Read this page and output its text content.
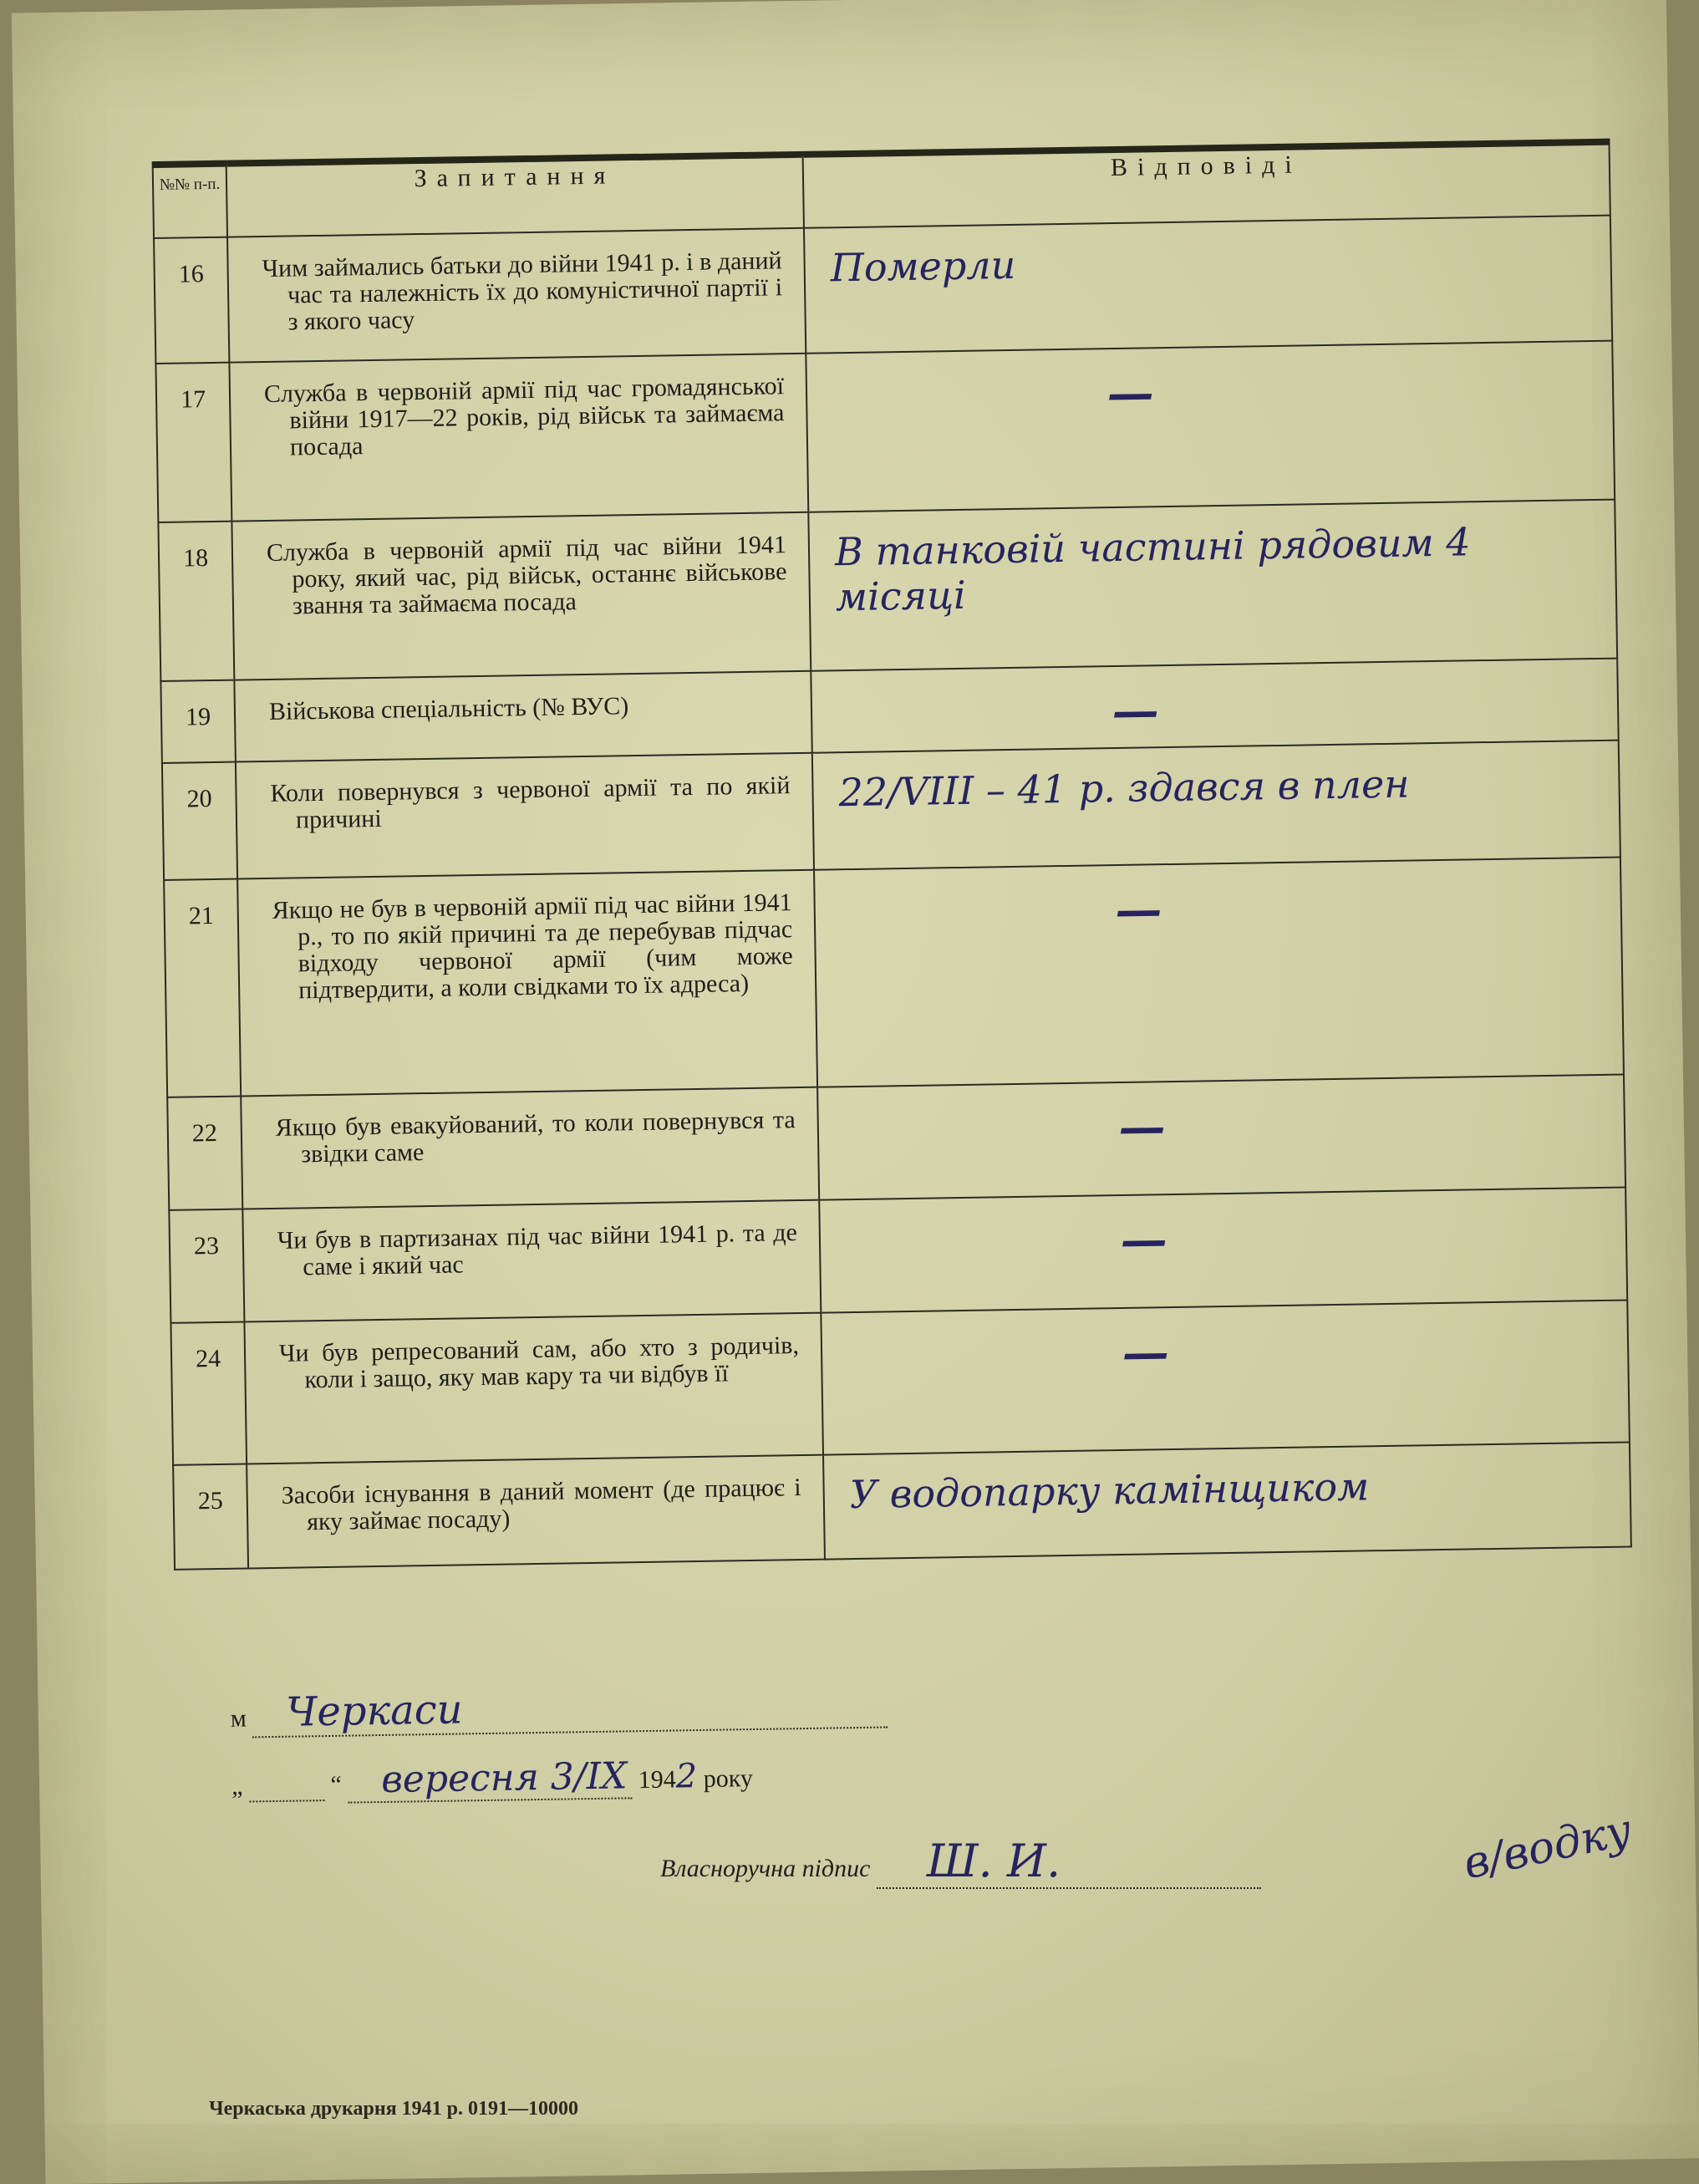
№№ п-п.	Запитання	Відповіді
16	Чим займались батьки до війни 1941 р. і в даний час та належність їх до комуністичної партії і з якого часу	Померли
17	Служба в червоній армії під час громадянської війни 1917—22 років, рід військ та займаєма посада	—
18	Служба в червоній армії під час війни 1941 року, який час, рід військ, останнє військове звання та займаєма посада	В танковій частині рядовим 4 місяці
19	Військова спеціальність (№ ВУС)	—
20	Коли повернувся з червоної армії та по якій причині	22/VIII – 41 р. здався в плен
21	Якщо не був в червоній армії під час війни 1941 р., то по якій причині та де перебував підчас відходу червоної армії (чим може підтвердити, а коли свідками то їх адреса)	—
22	Якщо був евакуйований, то коли повернувся та звідки саме	—
23	Чи був в партизанах під час війни 1941 р. та де саме і який час	—
24	Чи був репресований сам, або хто з родичів, коли і защо, яку мав кару та чи відбув її	—
25	Засоби існування в даний момент (де працює і яку займає посаду)	У водопарку камінщиком
м Черкаси
„	“ вересня 3/IX 1942 року
Власноручна підпис Ш. И.	в/водку
Черкаська друкарня 1941 р. 0191—10000
